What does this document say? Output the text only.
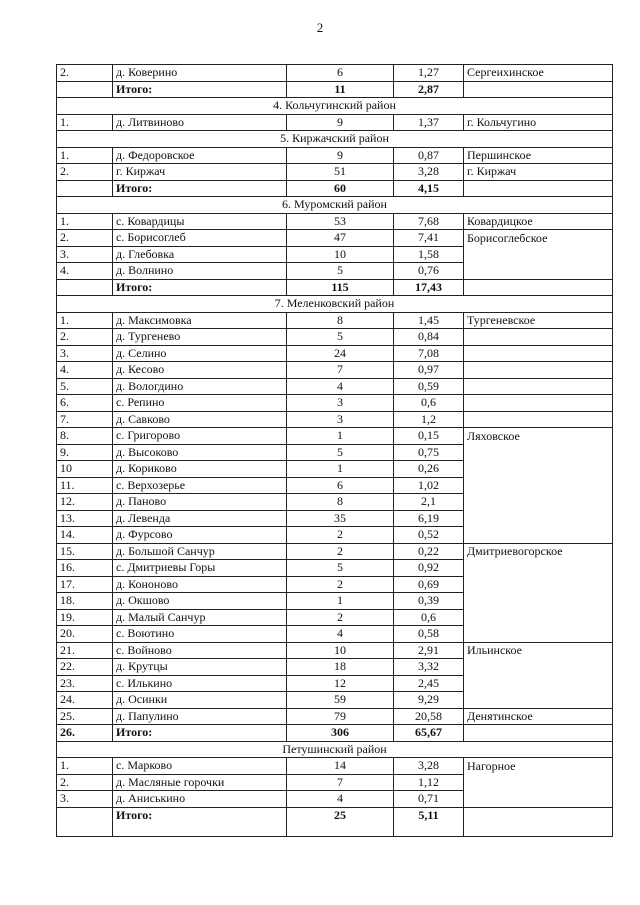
2
2.	д. Коверино	6	1,27	Сергеихинское
	Итого:	11	2,87	
4. Кольчугинский район				
1.	д. Литвиново	9	1,37	г. Кольчугино
5. Киржачский район				
1.	д. Федоровское	9	0,87	Першинское
2.	г. Киржач	51	3,28	г. Киржач
	Итого:	60	4,15	
6. Муромский район				
1.	с. Ковардицы	53	7,68	Ковардицкое
2.	с. Борисоглеб	47	7,41	Борисоглебское
3.	д. Глебовка	10	1,58	
4.	д. Волнино	5	0,76	
	Итого:	115	17,43	
7. Меленковский район				
1.	д. Максимовка	8	1,45	Тургеневское
2.	д. Тургенево	5	0,84	
3.	д. Селино	24	7,08	
4.	д. Кесово	7	0,97	
5.	д. Вологдино	4	0,59	
6.	с. Репино	3	0,6	
7.	д. Савково	3	1,2	
8.	с. Григорово	1	0,15	Ляховское
9.	д. Высоково	5	0,75	
10	д. Кориково	1	0,26	
11.	с. Верхозерье	6	1,02	
12.	д. Паново	8	2,1	
13.	д. Левенда	35	6,19	
14.	д. Фурсово	2	0,52	
15.	д. Большой Санчур	2	0,22	Дмитриевогорское
16.	с. Дмитриевы Горы	5	0,92	
17.	д. Кононово	2	0,69	
18.	д. Окшово	1	0,39	
19.	д. Малый Санчур	2	0,6	
20.	с. Воютино	4	0,58	
21.	с. Войново	10	2,91	Ильинское
22.	д. Крутцы	18	3,32	
23.	с. Илькино	12	2,45	
24.	д. Осинки	59	9,29	
25.	д. Папулино	79	20,58	Денятинское
26.	Итого:	306	65,67	
Петушинский район				
1.	с. Марково	14	3,28	Нагорное
2.	д. Масляные горочки	7	1,12	
3.	д. Аниськино	4	0,71	
	Итого:	25	5,11	
